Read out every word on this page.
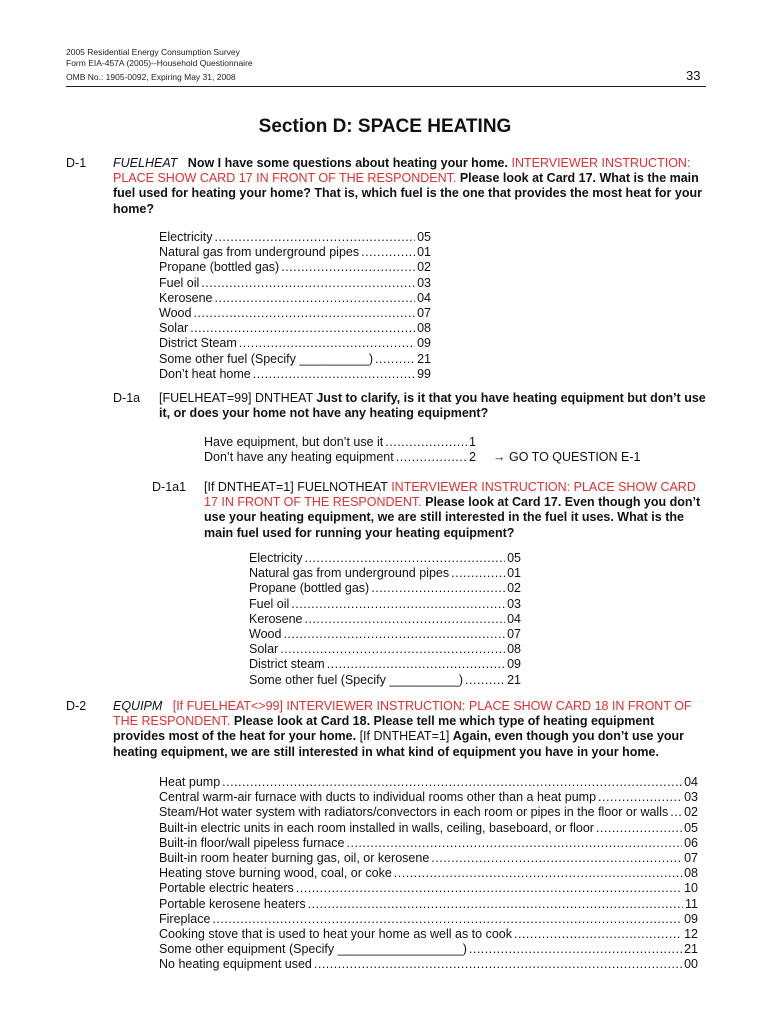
2005 Residential Energy Consumption Survey
Form EIA-457A (2005)--Household Questionnaire
OMB No.: 1905-0092, Expiring May 31, 2008	33
Section D: SPACE HEATING
D-1 FUELHEAT Now I have some questions about heating your home. INTERVIEWER INSTRUCTION: PLACE SHOW CARD 17 IN FRONT OF THE RESPONDENT. Please look at Card 17. What is the main fuel used for heating your home? That is, which fuel is the one that provides the most heat for your home?
Electricity .....	05
Natural gas from underground pipes .....	01
Propane (bottled gas) .....	02
Fuel oil .....	03
Kerosene .....	04
Wood .....	07
Solar .....	08
District Steam .....	09
Some other fuel (Specify __________) .....	21
Don’t heat home .....	99
D-1a [FUELHEAT=99] DNTHEAT Just to clarify, is it that you have heating equipment but don’t use it, or does your home not have any heating equipment?
Have equipment, but don’t use it .....	1
Don’t have any heating equipment .....	2 → GO TO QUESTION E-1
D-1a1 [If DNTHEAT=1] FUELNOTHEAT INTERVIEWER INSTRUCTION: PLACE SHOW CARD 17 IN FRONT OF THE RESPONDENT. Please look at Card 17. Even though you don’t use your heating equipment, we are still interested in the fuel it uses. What is the main fuel used for running your heating equipment?
Electricity .....	05
Natural gas from underground pipes .....	01
Propane (bottled gas) .....	02
Fuel oil .....	03
Kerosene .....	04
Wood .....	07
Solar .....	08
District steam .....	09
Some other fuel (Specify __________) .....	21
D-2 EQUIPM [If FUELHEAT<>99] INTERVIEWER INSTRUCTION: PLACE SHOW CARD 18 IN FRONT OF THE RESPONDENT. Please look at Card 18. Please tell me which type of heating equipment provides most of the heat for your home. [If DNTHEAT=1] Again, even though you don’t use your heating equipment, we are still interested in what kind of equipment you have in your home.
Heat pump .....	04
Central warm-air furnace with ducts to individual rooms other than a heat pump .....	03
Steam/Hot water system with radiators/convectors in each room or pipes in the floor or walls ..... 02
Built-in electric units in each room installed in walls, ceiling, baseboard, or floor .....	05
Built-in floor/wall pipeless furnace .....	06
Built-in room heater burning gas, oil, or kerosene .....	07
Heating stove burning wood, coal, or coke .....	08
Portable electric heaters .....	10
Portable kerosene heaters .....	11
Fireplace .....	09
Cooking stove that is used to heat your home as well as to cook .....	12
Some other equipment (Specify __________________) .....	21
No heating equipment used .....	00
